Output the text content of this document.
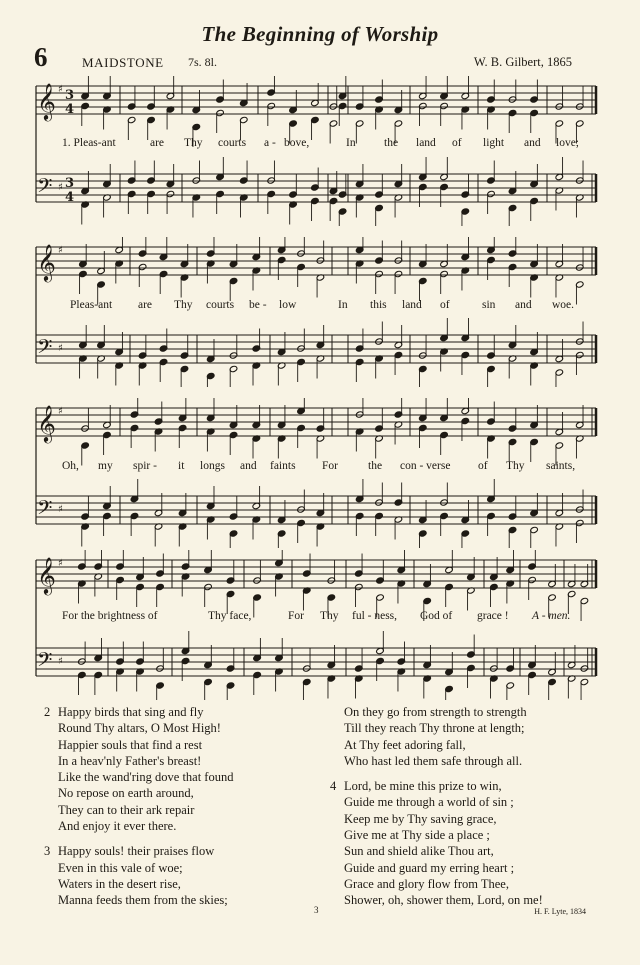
The Beginning of Worship
6	MAIDSTONE 7s. 8l.	W. B. Gilbert, 1865
𝄞 ♯ 3
4
𝄢 ♯ 3
4
𝄞 ♯
𝄢 ♯
𝄞 ♯
𝄢 ♯
𝄞 ♯
𝄢 ♯
1. Pleas-ant	are Thy courts a - bove,	In the land of light and love;
Pleas-ant are Thy courts be - low	In this land of	sin and woe.
Oh, my spir - it longs and faints For	the con - verse of Thy saints,
For the brightness of	Thy face,	For Thy ful - ness, God of grace ! A - men.
2 Happy birds that sing and fly
Round Thy altars, O Most High!
Happier souls that find a rest
In a heav'nly Father's breast!
Like the wand'ring dove that found
No repose on earth around,
They can to their ark repair
And enjoy it ever there.
3 Happy souls! their praises flow
Even in this vale of woe;
Waters in the desert rise,
Manna feeds them from the skies;
On they go from strength to strength
Till they reach Thy throne at length;
At Thy feet adoring fall,
Who hast led them safe through all.
4 Lord, be mine this prize to win,
Guide me through a world of sin ;
Keep me by Thy saving grace,
Give me at Thy side a place ;
Sun and shield alike Thou art,
Guide and guard my erring heart ;
Grace and glory flow from Thee,
Shower, oh, shower them, Lord, on me!
3	H. F. Lyte, 1834
